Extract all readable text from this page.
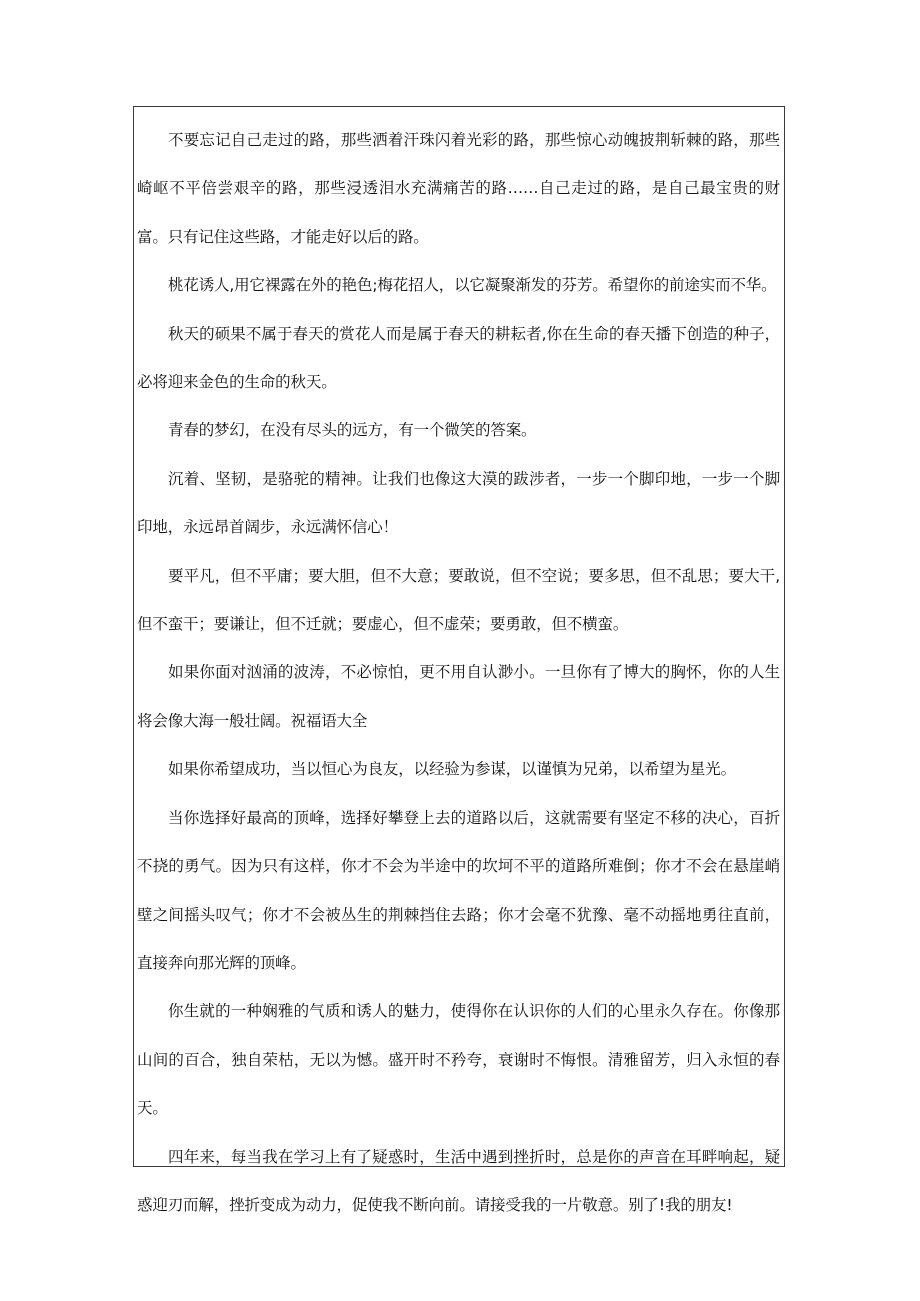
不要忘记自己走过的路，那些洒着汗珠闪着光彩的路，那些惊心动魄披荆斩棘的路，那些崎岖不平倍尝艰辛的路，那些浸透泪水充满痛苦的路……自己走过的路，是自己最宝贵的财富。只有记住这些路，才能走好以后的路。

桃花诱人,用它裸露在外的艳色;梅花招人，以它凝聚渐发的芬芳。希望你的前途实而不华。

秋天的硕果不属于春天的赏花人而是属于春天的耕耘者,你在生命的春天播下创造的种子，必将迎来金色的生命的秋天。

青春的梦幻，在没有尽头的远方，有一个微笑的答案。

沉着、坚韧，是骆驼的精神。让我们也像这大漠的跋涉者，一步一个脚印地，一步一个脚印地，永远昂首阔步，永远满怀信心！

要平凡，但不平庸；要大胆，但不大意；要敢说，但不空说；要多思，但不乱思；要大干,但不蛮干；要谦让，但不迁就；要虚心，但不虚荣；要勇敢，但不横蛮。

如果你面对汹涌的波涛，不必惊怕，更不用自认渺小。一旦你有了博大的胸怀，你的人生将会像大海一般壮阔。祝福语大全

如果你希望成功，当以恒心为良友，以经验为参谋，以谨慎为兄弟，以希望为星光。

当你选择好最高的顶峰，选择好攀登上去的道路以后，这就需要有坚定不移的决心，百折不挠的勇气。因为只有这样，你才不会为半途中的坎坷不平的道路所难倒；你才不会在悬崖峭壁之间摇头叹气；你才不会被丛生的荆棘挡住去路；你才会毫不犹豫、毫不动摇地勇往直前，直接奔向那光辉的顶峰。

你生就的一种娴雅的气质和诱人的魅力，使得你在认识你的人们的心里永久存在。你像那山间的百合，独自荣枯，无以为憾。盛开时不矜夸，衰谢时不悔恨。清雅留芳，归入永恒的春天。

四年来，每当我在学习上有了疑惑时，生活中遇到挫折时，总是你的声音在耳畔响起，疑惑迎刃而解，挫折变成为动力，促使我不断向前。请接受我的一片敬意。别了!我的朋友!
